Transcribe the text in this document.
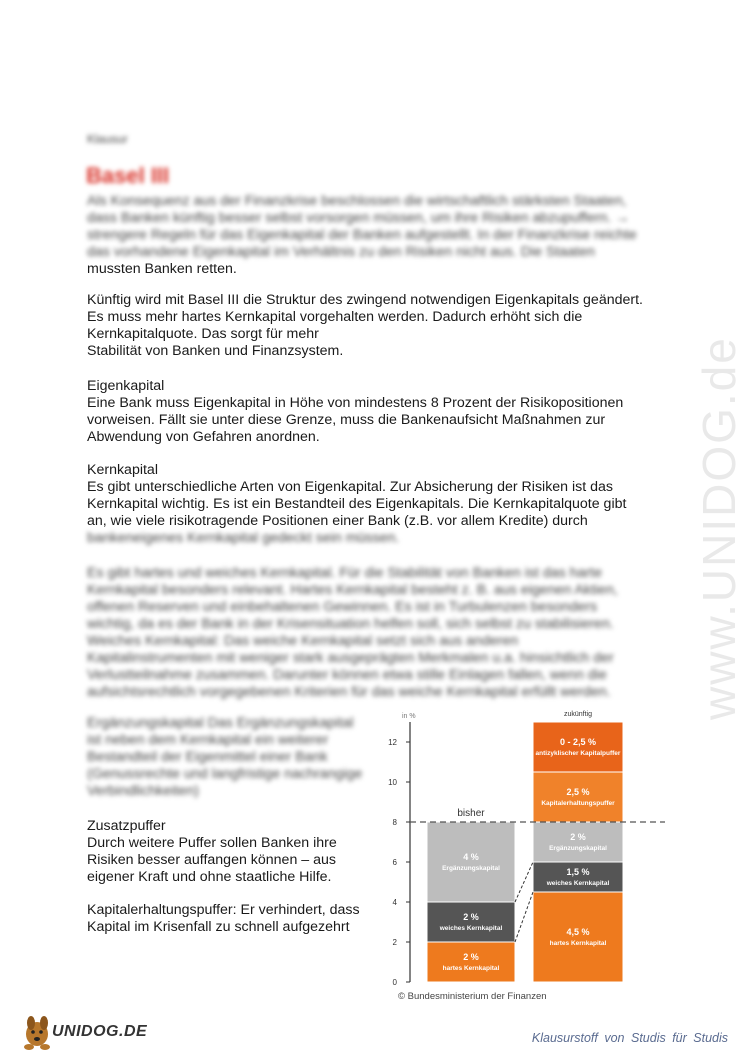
www.UNIDOG.de
Klausur
Basel III
Als Konsequenz aus der Finanzkrise beschlossen die wirtschaftlich stärksten Staaten,
dass Banken künftig besser selbst vorsorgen müssen, um ihre Risiken abzupuffern. →
strengere Regeln für das Eigenkapital der Banken aufgestellt. In der Finanzkrise reichte
das vorhandene Eigenkapital im Verhältnis zu den Risiken nicht aus. Die Staaten
mussten Banken retten.
Künftig wird mit Basel III die Struktur des zwingend notwendigen Eigenkapitals geändert.
Es muss mehr hartes Kernkapital vorgehalten werden. Dadurch erhöht sich die
Kernkapitalquote. Das sorgt für mehr
Stabilität von Banken und Finanzsystem.
Eigenkapital
Eine Bank muss Eigenkapital in Höhe von mindestens 8 Prozent der Risikopositionen
vorweisen. Fällt sie unter diese Grenze, muss die Bankenaufsicht Maßnahmen zur
Abwendung von Gefahren anordnen.
Kernkapital
Es gibt unterschiedliche Arten von Eigenkapital. Zur Absicherung der Risiken ist das
Kernkapital wichtig. Es ist ein Bestandteil des Eigenkapitals. Die Kernkapitalquote gibt
an, wie viele risikotragende Positionen einer Bank (z.B. vor allem Kredite) durch
bankeneigenes Kernkapital gedeckt sein müssen.
Es gibt hartes und weiches Kernkapital. Für die Stabilität von Banken ist das harte
Kernkapital besonders relevant. Hartes Kernkapital besteht z. B. aus eigenen Aktien,
offenen Reserven und einbehaltenen Gewinnen. Es ist in Turbulenzen besonders
wichtig, da es der Bank in der Krisensituation helfen soll, sich selbst zu stabilisieren.
Weiches Kernkapital: Das weiche Kernkapital setzt sich aus anderen
Kapitalinstrumenten mit weniger stark ausgeprägten Merkmalen u.a. hinsichtlich der
Verlustteilnahme zusammen. Darunter können etwa stille Einlagen fallen, wenn die
aufsichtsrechtlich vorgegebenen Kriterien für das weiche Kernkapital erfüllt werden.
Ergänzungskapital Das Ergänzungskapital
ist neben dem Kernkapital ein weiterer
Bestandteil der Eigenmittel einer Bank
(Genussrechte und langfristige nachrangige
Verbindlichkeiten)
Zusatzpuffer
Durch weitere Puffer sollen Banken ihre
Risiken besser auffangen können – aus
eigener Kraft und ohne staatliche Hilfe.
Kapitalerhaltungspuffer: Er verhindert, dass
Kapital im Krisenfall zu schnell aufgezehrt
in %
0
2
4
6
8
10
12
2 %
hartes Kernkapital
2 %
weiches Kernkapital
4 %
Ergänzungskapital
bisher
4,5 %
hartes Kernkapital
1,5 %
weiches Kernkapital
2 %
Ergänzungskapital
2,5 %
Kapitalerhaltungspuffer
0 - 2,5 %
antizyklischer Kapitalpuffer
zukünftig
© Bundesministerium der Finanzen
UNIDOG.DE	Klausurstoff von Studis für Studis
